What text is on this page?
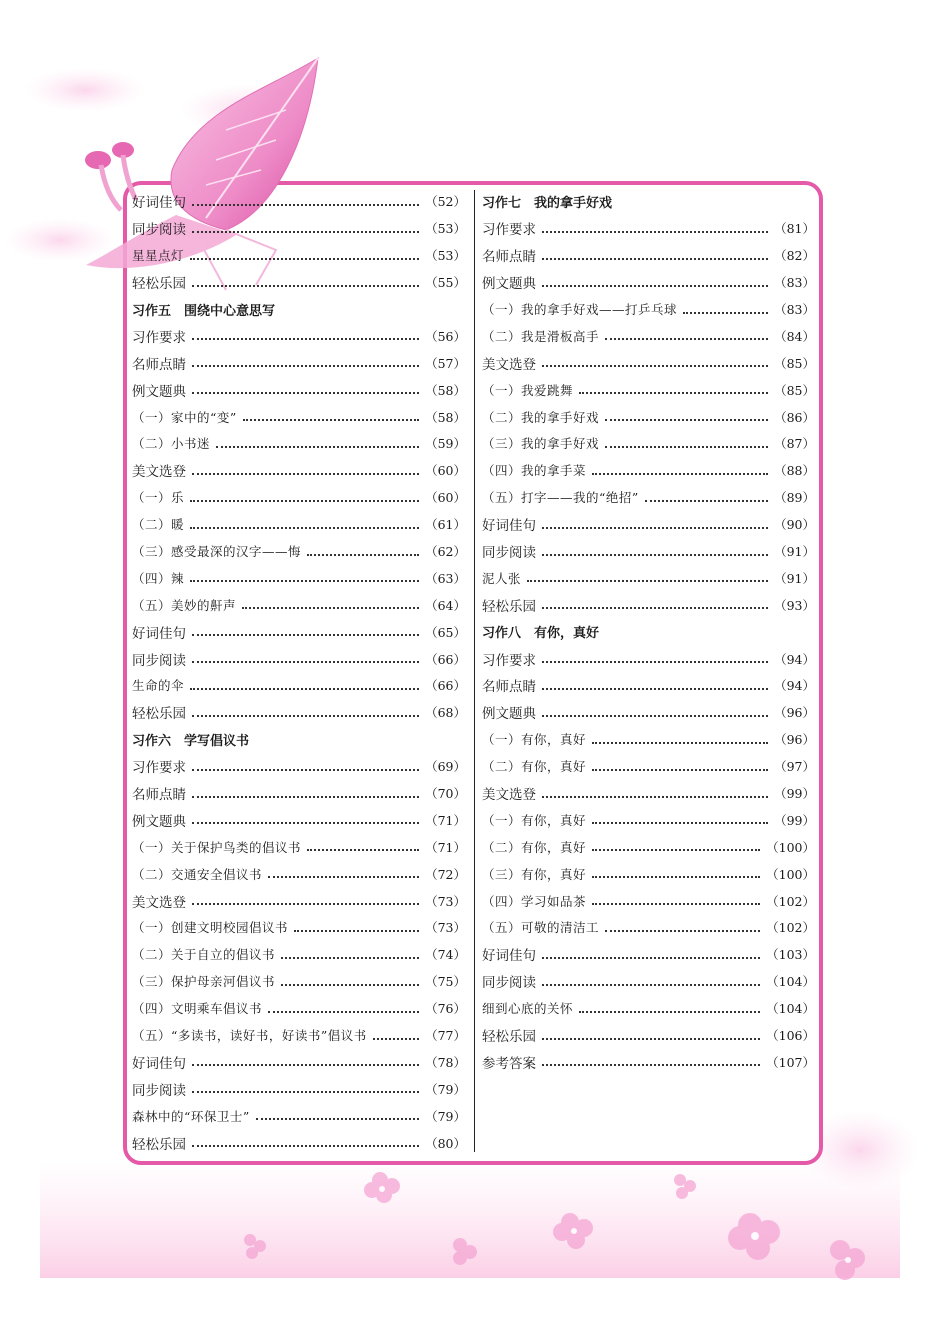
好词佳句	（52）
同步阅读	（53）
星星点灯	（53）
轻松乐园	（55）
习作五　围绕中心意思写
习作要求	（56）
名师点睛	（57）
例文题典	（58）
（一）家中的“变”	（58）
（二）小书迷	（59）
美文选登	（60）
（一）乐	（60）
（二）暖	（61）
（三）感受最深的汉字——悔	（62）
（四）辣	（63）
（五）美妙的鼾声	（64）
好词佳句	（65）
同步阅读	（66）
生命的伞	（66）
轻松乐园	（68）
习作六　学写倡议书
习作要求	（69）
名师点睛	（70）
例文题典	（71）
（一）关于保护鸟类的倡议书	（71）
（二）交通安全倡议书	（72）
美文选登	（73）
（一）创建文明校园倡议书	（73）
（二）关于自立的倡议书	（74）
（三）保护母亲河倡议书	（75）
（四）文明乘车倡议书	（76）
（五）“多读书，读好书，好读书”倡议书	（77）
好词佳句	（78）
同步阅读	（79）
森林中的“环保卫士”	（79）
轻松乐园	（80）
习作七　我的拿手好戏
习作要求	（81）
名师点睛	（82）
例文题典	（83）
（一）我的拿手好戏——打乒乓球	（83）
（二）我是滑板高手	（84）
美文选登	（85）
（一）我爱跳舞	（85）
（二）我的拿手好戏	（86）
（三）我的拿手好戏	（87）
（四）我的拿手菜	（88）
（五）打字——我的“绝招”	（89）
好词佳句	（90）
同步阅读	（91）
泥人张	（91）
轻松乐园	（93）
习作八　有你，真好
习作要求	（94）
名师点睛	（94）
例文题典	（96）
（一）有你，真好	（96）
（二）有你，真好	（97）
美文选登	（99）
（一）有你，真好	（99）
（二）有你，真好	（100）
（三）有你，真好	（100）
（四）学习如品茶	（102）
（五）可敬的清洁工	（102）
好词佳句	（103）
同步阅读	（104）
细到心底的关怀	（104）
轻松乐园	（106）
参考答案	（107）
